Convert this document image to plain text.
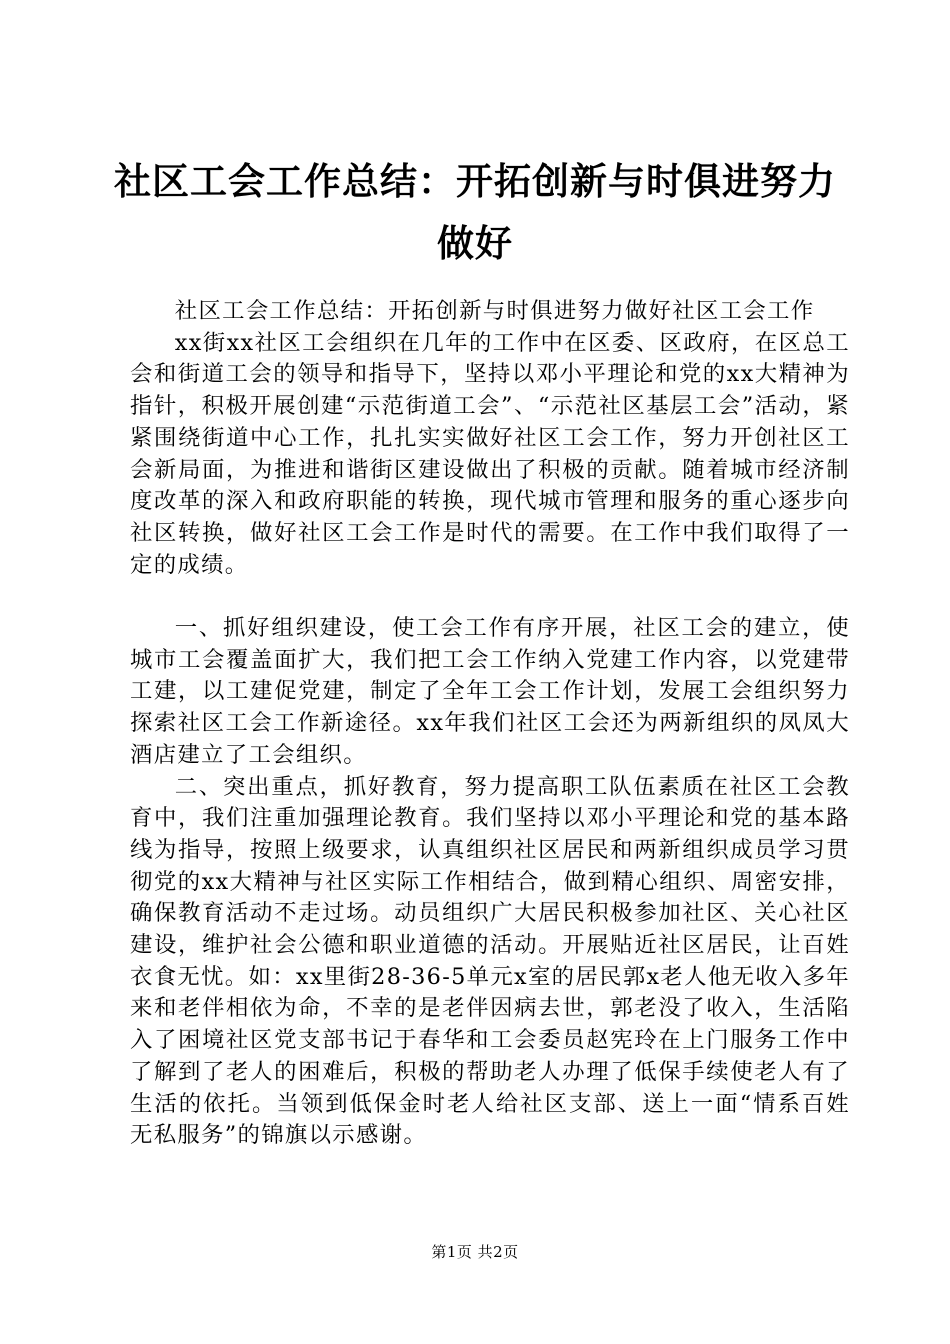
社区工会工作总结：开拓创新与时俱进努力做好

社区工会工作总结：开拓创新与时俱进努力做好社区工会工作

xx街xx社区工会组织在几年的工作中在区委、区政府，在区总工会和街道工会的领导和指导下，坚持以邓小平理论和党的xx大精神为指针，积极开展创建“示范街道工会”、“示范社区基层工会”活动，紧紧围绕街道中心工作，扎扎实实做好社区工会工作，努力开创社区工会新局面，为推进和谐街区建设做出了积极的贡献。随着城市经济制度改革的深入和政府职能的转换，现代城市管理和服务的重心逐步向社区转换，做好社区工会工作是时代的需要。在工作中我们取得了一定的成绩。

一、抓好组织建设，使工会工作有序开展，社区工会的建立，使城市工会覆盖面扩大，我们把工会工作纳入党建工作内容，以党建带工建，以工建促党建，制定了全年工会工作计划，发展工会组织努力探索社区工会工作新途径。xx年我们社区工会还为两新组织的凤凤大酒店建立了工会组织。

二、突出重点，抓好教育，努力提高职工队伍素质在社区工会教育中，我们注重加强理论教育。我们坚持以邓小平理论和党的基本路线为指导，按照上级要求，认真组织社区居民和两新组织成员学习贯彻党的xx大精神与社区实际工作相结合，做到精心组织、周密安排，确保教育活动不走过场。动员组织广大居民积极参加社区、关心社区建设，维护社会公德和职业道德的活动。开展贴近社区居民，让百姓衣食无忧。如：xx里街28-36-5单元x室的居民郭x老人他无收入多年来和老伴相依为命，不幸的是老伴因病去世，郭老没了收入，生活陷入了困境社区党支部书记于春华和工会委员赵宪玲在上门服务工作中了解到了老人的困难后，积极的帮助老人办理了低保手续使老人有了生活的依托。当领到低保金时老人给社区支部、送上一面“情系百姓无私服务”的锦旗以示感谢。

第1页 共2页
